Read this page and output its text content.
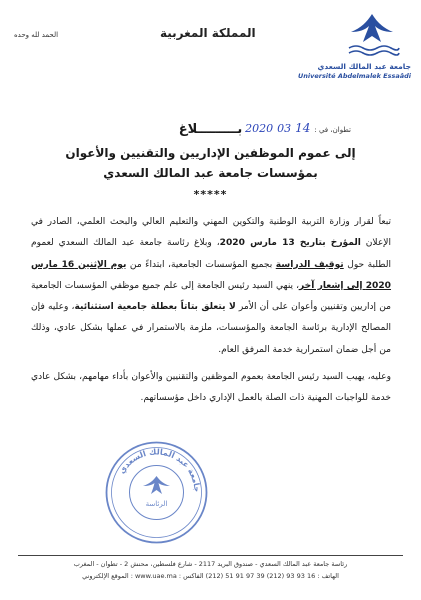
الحمد لله وحده	المملكة المغربية
جامعة عبد المالك السعدي
Université Abdelmalek Essaâdi
تطوان، في :
14
03
2020
بـــــــــلاغ
إلى عموم الموظفين الإداريين والتقنيين والأعوان
بمؤسسات جامعة عبد المالك السعدي
*****
تبعاً لقرار وزارة التربية الوطنية والتكوين المهني والتعليم العالي والبحث العلمي، الصادر في الإعلان المؤرخ بتاريخ 13 مارس 2020، وبلاغ رئاسة جامعة عبد المالك السعدي لعموم الطلبة حول توقيف الدراسة بجميع المؤسسات الجامعية، ابتداءً من يوم الإثنين 16 مارس 2020 إلى إشعار آخر، ينهي السيد رئيس الجامعة إلى علم جميع موظفي المؤسسات الجامعية من إداريين وتقنيين وأعوان على أن الأمر لا يتعلق بتاتاً بعطلة جامعية استثنائية، وعليه فإن المصالح الإدارية برئاسة الجامعة والمؤسسات، ملزمة بالاستمرار في عملها بشكل عادي، وذلك من أجل ضمان استمرارية خدمة المرفق العام.
وعليه، يهيب السيد رئيس الجامعة بعموم الموظفين والتقنيين والأعوان بأداء مهامهم، بشكل عادي خدمة للواجبات المهنية ذات الصلة بالعمل الإداري داخل مؤسساتهم.
جامعة عبد المالك السعدي
الرئاسة
رئاسة جامعة عبد المالك السعدي - صندوق البريد 2117 - شارع فلسطين، محنش 2 - تطوان - المغرب
الهاتف : 16 93 93 (212) 39 97 91 51 (212) الفاكس : www.uae.ma : الموقع الإلكتروني
